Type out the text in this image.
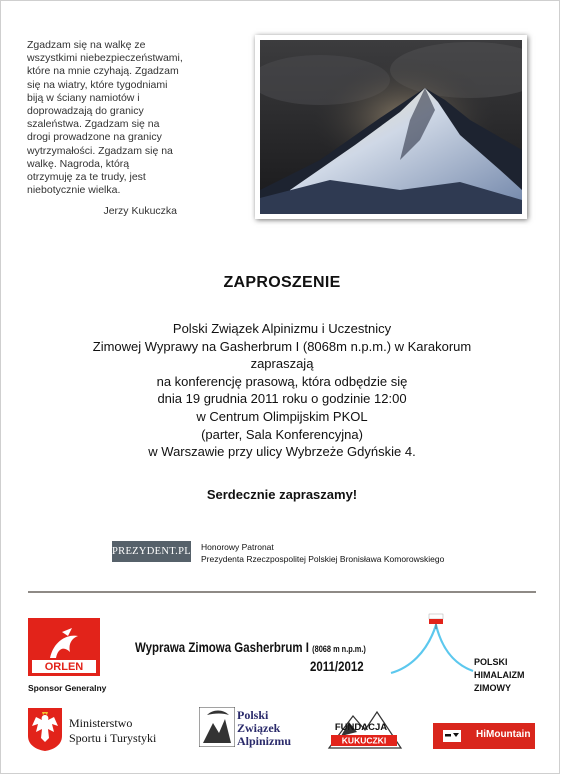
Zgadzam się na walkę ze
wszystkimi niebezpieczeństwami,
które na mnie czyhają. Zgadzam
się na wiatry, które tygodniami
biją w ściany namiotów i
doprowadzają do granicy
szaleństwa. Zgadzam się na
drogi prowadzone na granicy
wytrzymałości. Zgadzam się na
walkę. Nagroda, którą
otrzymuję za te trudy, jest
niebotycznie wielka.
Jerzy Kukuczka
ZAPROSZENIE
Polski Związek Alpinizmu i Uczestnicy
Zimowej Wyprawy na Gasherbrum I (8068m n.p.m.) w Karakorum
zapraszają
na konferencję prasową, która odbędzie się
dnia 19 grudnia 2011 roku o godzinie 12:00
w Centrum Olimpijskim PKOL
(parter, Sala Konferencyjna)
w Warszawie przy ulicy Wybrzeże Gdyńskie 4.
Serdecznie zapraszamy!
PREZYDENT.PL Honorowy Patronat
Prezydenta Rzeczpospolitej Polskiej Bronisława Komorowskiego
ORLEN
Sponsor Generalny
Wyprawa Zimowa Gasherbrum I (8068 m n.p.m.)
2011/2012	POLSKI
HIMALAIZM
ZIMOWY
Ministerstwo
Sportu i Turystyki
Polski
Związek
Alpinizmu
FUNDACJA
KUKUCZKI
HiMountain
